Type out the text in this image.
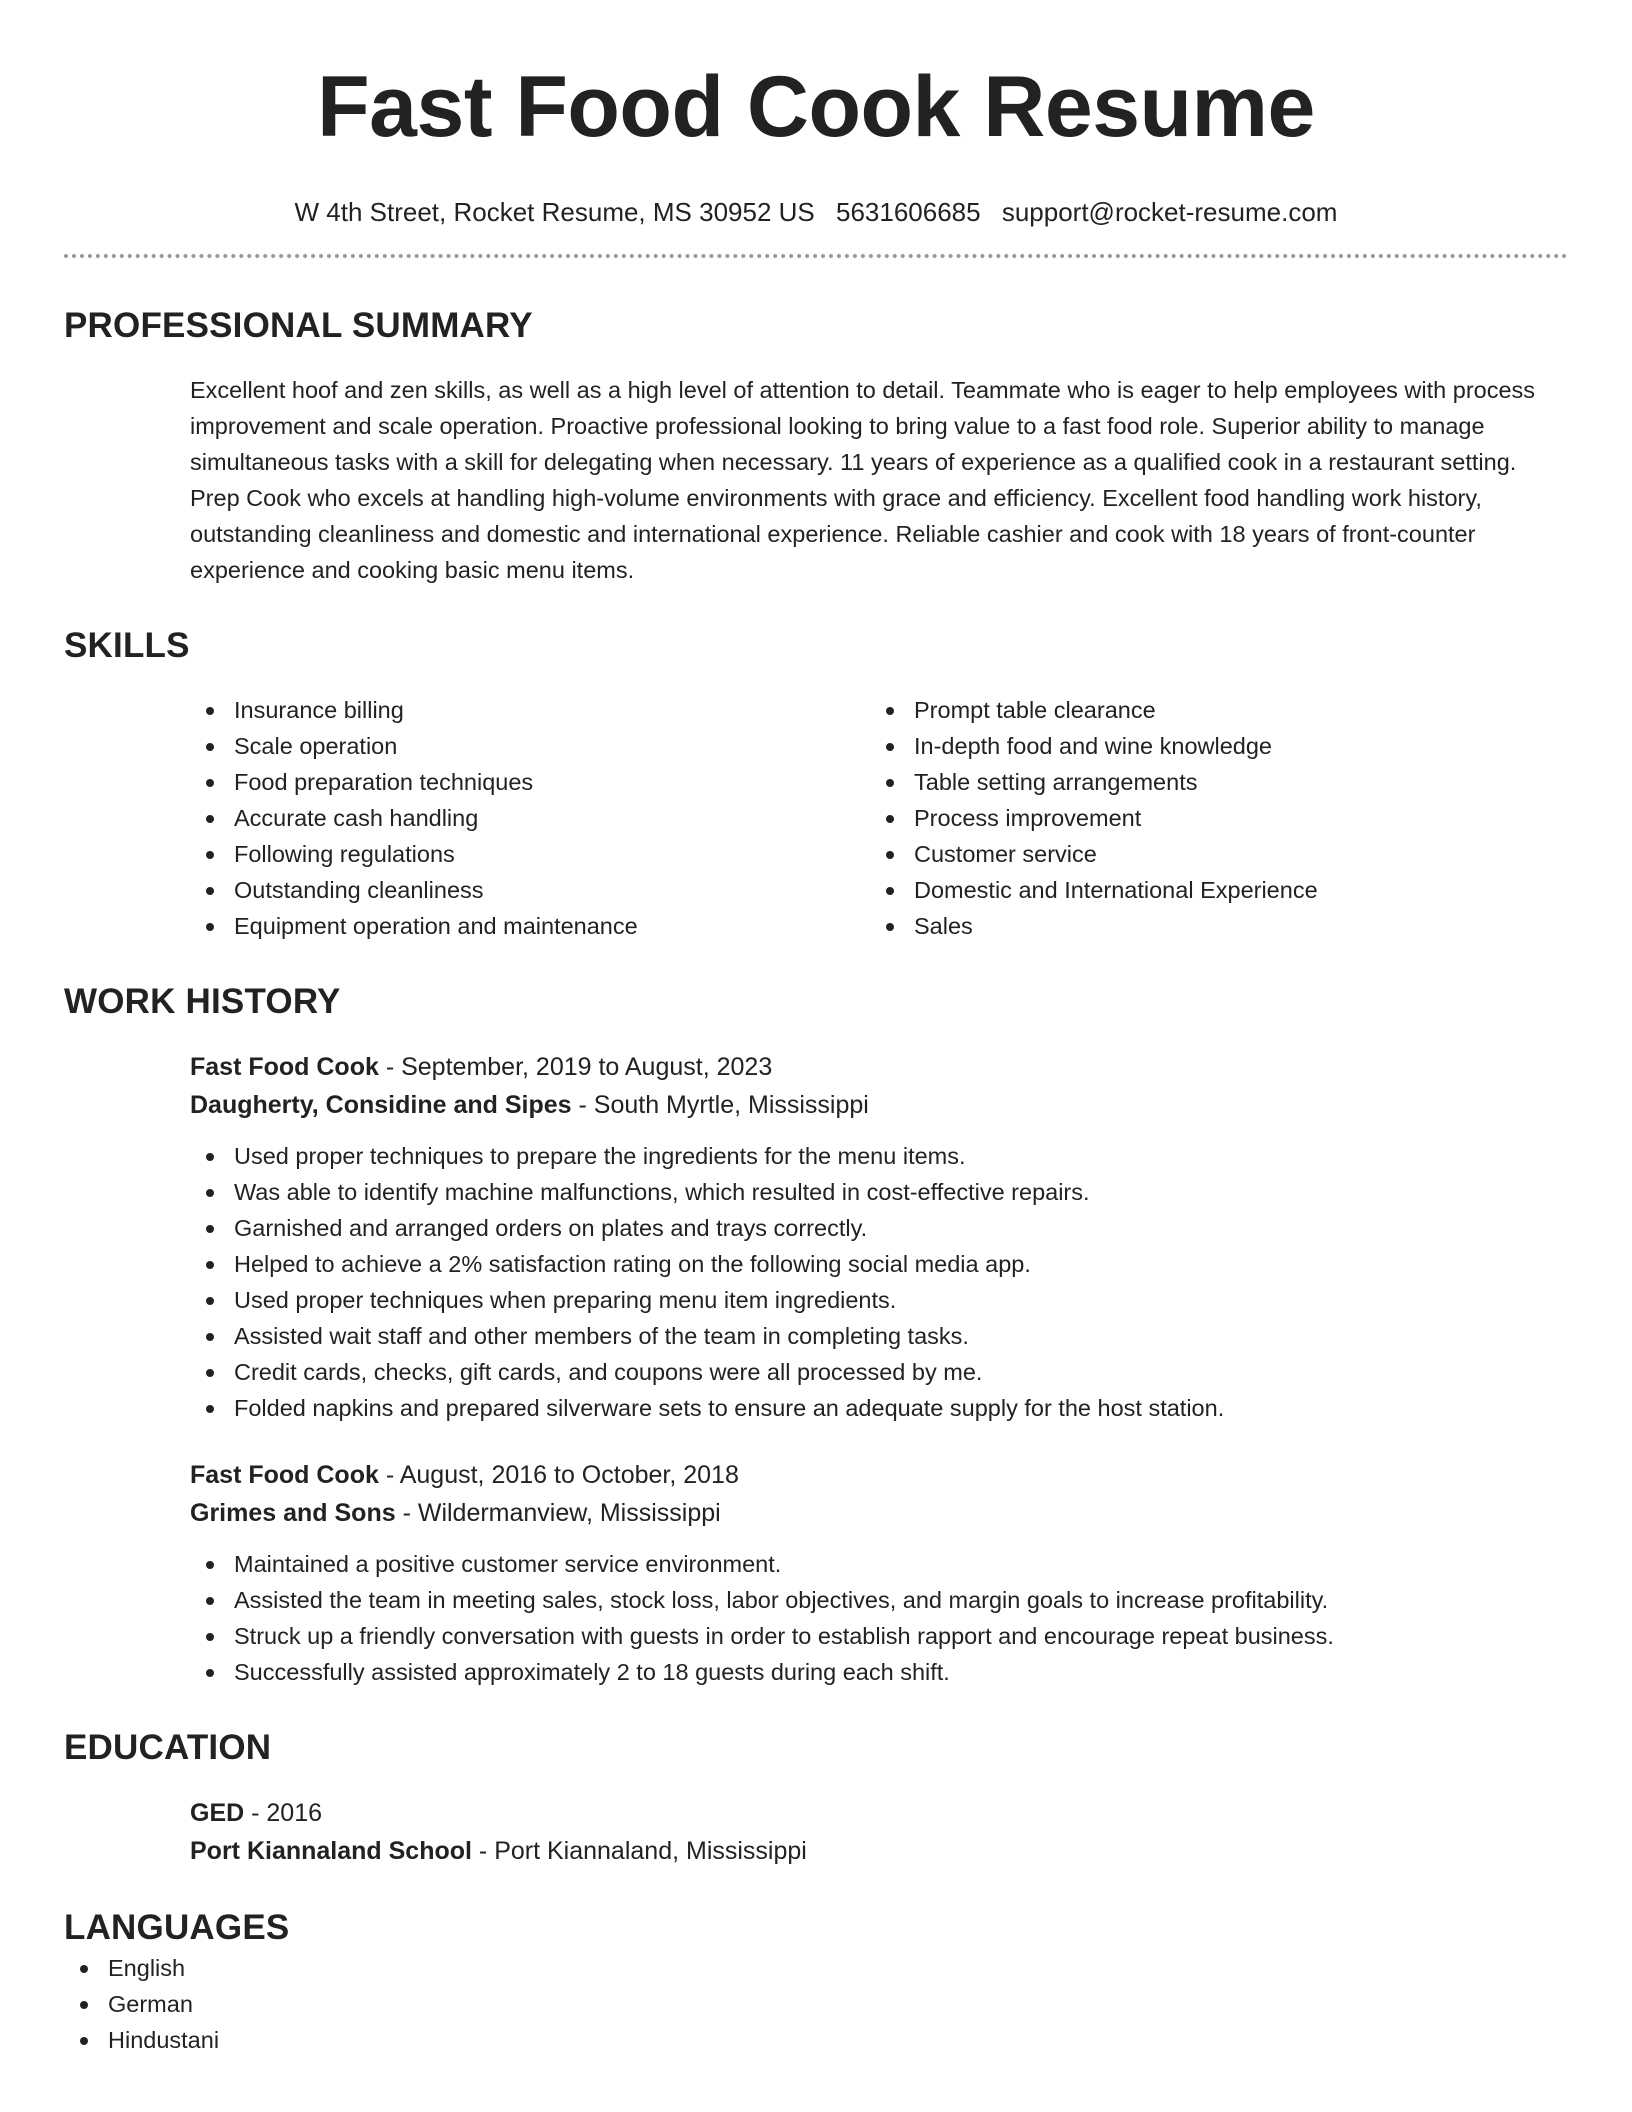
Fast Food Cook Resume
W 4th Street, Rocket Resume, MS 30952 US 5631606685 support@rocket-resume.com
PROFESSIONAL SUMMARY
Excellent hoof and zen skills, as well as a high level of attention to detail. Teammate who is eager to help employees with process improvement and scale operation. Proactive professional looking to bring value to a fast food role. Superior ability to manage simultaneous tasks with a skill for delegating when necessary. 11 years of experience as a qualified cook in a restaurant setting. Prep Cook who excels at handling high-volume environments with grace and efficiency. Excellent food handling work history, outstanding cleanliness and domestic and international experience. Reliable cashier and cook with 18 years of front-counter experience and cooking basic menu items.
SKILLS
Insurance billing
Scale operation
Food preparation techniques
Accurate cash handling
Following regulations
Outstanding cleanliness
Equipment operation and maintenance
Prompt table clearance
In-depth food and wine knowledge
Table setting arrangements
Process improvement
Customer service
Domestic and International Experience
Sales
WORK HISTORY
Fast Food Cook - September, 2019 to August, 2023
Daugherty, Considine and Sipes - South Myrtle, Mississippi
Used proper techniques to prepare the ingredients for the menu items.
Was able to identify machine malfunctions, which resulted in cost-effective repairs.
Garnished and arranged orders on plates and trays correctly.
Helped to achieve a 2% satisfaction rating on the following social media app.
Used proper techniques when preparing menu item ingredients.
Assisted wait staff and other members of the team in completing tasks.
Credit cards, checks, gift cards, and coupons were all processed by me.
Folded napkins and prepared silverware sets to ensure an adequate supply for the host station.
Fast Food Cook - August, 2016 to October, 2018
Grimes and Sons - Wildermanview, Mississippi
Maintained a positive customer service environment.
Assisted the team in meeting sales, stock loss, labor objectives, and margin goals to increase profitability.
Struck up a friendly conversation with guests in order to establish rapport and encourage repeat business.
Successfully assisted approximately 2 to 18 guests during each shift.
EDUCATION
GED - 2016
Port Kiannaland School - Port Kiannaland, Mississippi
LANGUAGES
English
German
Hindustani
